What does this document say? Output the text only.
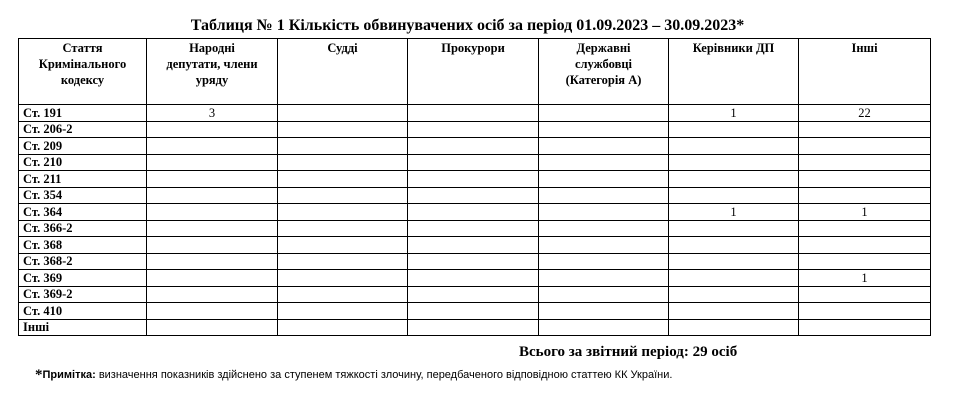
Таблиця № 1 Кількість обвинувачених осіб за період 01.09.2023 – 30.09.2023*
Стаття
Кримінального
кодексу	Народні
депутати, члени
уряду	Судді	Прокурори	Державні
службовці
(Категорія А)	Керівники ДП	Інші
Ст. 191	3				1	22
Ст. 206-2						
Ст. 209						
Ст. 210						
Ст. 211						
Ст. 354						
Ст. 364					1	1
Ст. 366-2						
Ст. 368						
Ст. 368-2						
Ст. 369						1
Ст. 369-2						
Ст. 410						
Інші						
Всього за звітний період: 29 осіб
*Примітка: визначення показників здійснено за ступенем тяжкості злочину, передбаченого відповідною статтею КК України.
